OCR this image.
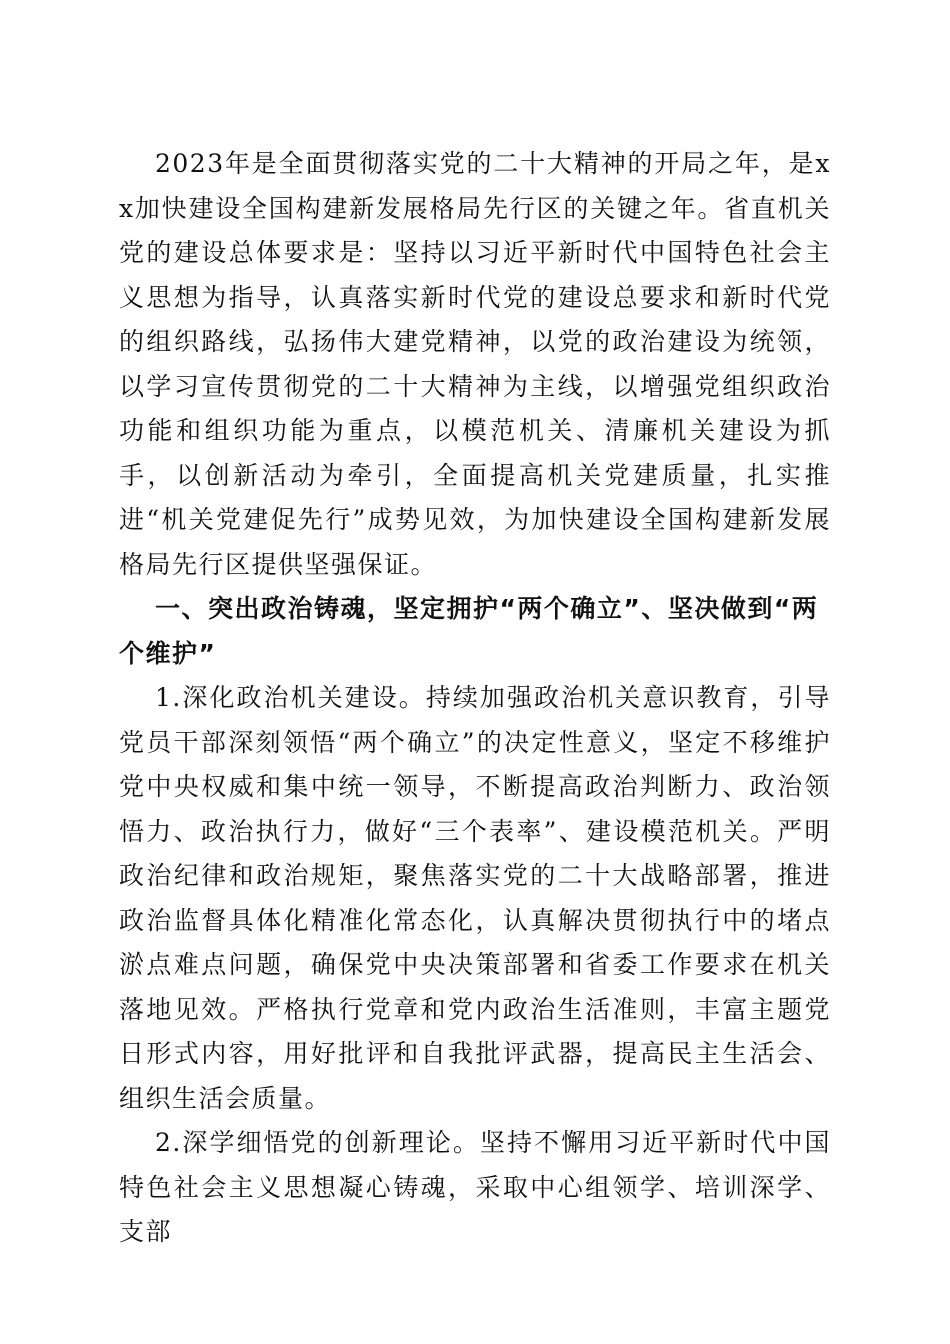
2023年是全面贯彻落实党的二十大精神的开局之年，是xx加快建设全国构建新发展格局先行区的关键之年。省直机关党的建设总体要求是：坚持以习近平新时代中国特色社会主义思想为指导，认真落实新时代党的建设总要求和新时代党的组织路线，弘扬伟大建党精神，以党的政治建设为统领，以学习宣传贯彻党的二十大精神为主线，以增强党组织政治功能和组织功能为重点，以模范机关、清廉机关建设为抓手，以创新活动为牵引，全面提高机关党建质量，扎实推进“机关党建促先行”成势见效，为加快建设全国构建新发展格局先行区提供坚强保证。

一、突出政治铸魂，坚定拥护“两个确立”、坚决做到“两个维护”

1.深化政治机关建设。持续加强政治机关意识教育，引导党员干部深刻领悟“两个确立”的决定性意义，坚定不移维护党中央权威和集中统一领导，不断提高政治判断力、政治领悟力、政治执行力，做好“三个表率”、建设模范机关。严明政治纪律和政治规矩，聚焦落实党的二十大战略部署，推进政治监督具体化精准化常态化，认真解决贯彻执行中的堵点淤点难点问题，确保党中央决策部署和省委工作要求在机关落地见效。严格执行党章和党内政治生活准则，丰富主题党日形式内容，用好批评和自我批评武器，提高民主生活会、组织生活会质量。

2.深学细悟党的创新理论。坚持不懈用习近平新时代中国特色社会主义思想凝心铸魂，采取中心组领学、培训深学、支部
